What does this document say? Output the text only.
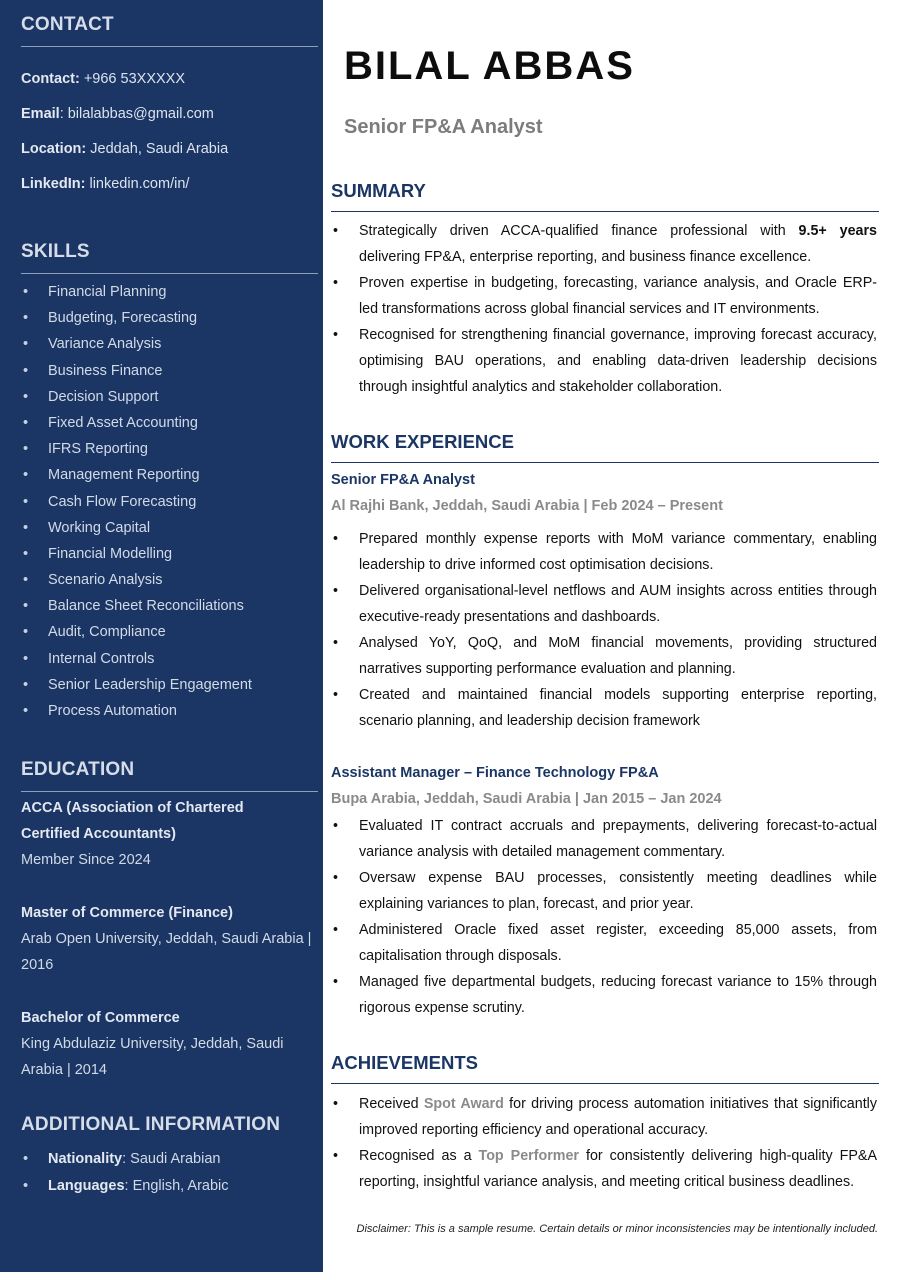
CONTACT
Contact: +966 53XXXXX
Email: bilalabbas@gmail.com
Location: Jeddah, Saudi Arabia
LinkedIn: linkedin.com/in/
SKILLS
• Financial Planning
• Budgeting, Forecasting
• Variance Analysis
• Business Finance
• Decision Support
• Fixed Asset Accounting
• IFRS Reporting
• Management Reporting
• Cash Flow Forecasting
• Working Capital
• Financial Modelling
• Scenario Analysis
• Balance Sheet Reconciliations
• Audit, Compliance
• Internal Controls
• Senior Leadership Engagement
• Process Automation
EDUCATION
ACCA (Association of Chartered
Certified Accountants)
Member Since 2024
Master of Commerce (Finance)
Arab Open University, Jeddah, Saudi Arabia |
2016
Bachelor of Commerce
King Abdulaziz University, Jeddah, Saudi
Arabia | 2014
ADDITIONAL INFORMATION
• Nationality: Saudi Arabian
• Languages: English, Arabic
BILAL ABBAS
Senior FP&A Analyst
SUMMARY
• Strategically driven ACCA-qualified finance professional with 9.5+ years delivering FP&A, enterprise reporting, and business finance excellence.
• Proven expertise in budgeting, forecasting, variance analysis, and Oracle ERP-led transformations across global financial services and IT environments.
• Recognised for strengthening financial governance, improving forecast accuracy, optimising BAU operations, and enabling data-driven leadership decisions through insightful analytics and stakeholder collaboration.
WORK EXPERIENCE
Senior FP&A Analyst
Al Rajhi Bank, Jeddah, Saudi Arabia | Feb 2024 – Present
• Prepared monthly expense reports with MoM variance commentary, enabling leadership to drive informed cost optimisation decisions.
• Delivered organisational-level netflows and AUM insights across entities through executive-ready presentations and dashboards.
• Analysed YoY, QoQ, and MoM financial movements, providing structured narratives supporting performance evaluation and planning.
• Created and maintained financial models supporting enterprise reporting, scenario planning, and leadership decision framework
Assistant Manager – Finance Technology FP&A
Bupa Arabia, Jeddah, Saudi Arabia | Jan 2015 – Jan 2024
• Evaluated IT contract accruals and prepayments, delivering forecast-to-actual variance analysis with detailed management commentary.
• Oversaw expense BAU processes, consistently meeting deadlines while explaining variances to plan, forecast, and prior year.
• Administered Oracle fixed asset register, exceeding 85,000 assets, from capitalisation through disposals.
• Managed five departmental budgets, reducing forecast variance to 15% through rigorous expense scrutiny.
ACHIEVEMENTS
• Received Spot Award for driving process automation initiatives that significantly improved reporting efficiency and operational accuracy.
• Recognised as a Top Performer for consistently delivering high-quality FP&A reporting, insightful variance analysis, and meeting critical business deadlines.
Disclaimer: This is a sample resume. Certain details or minor inconsistencies may be intentionally included.
